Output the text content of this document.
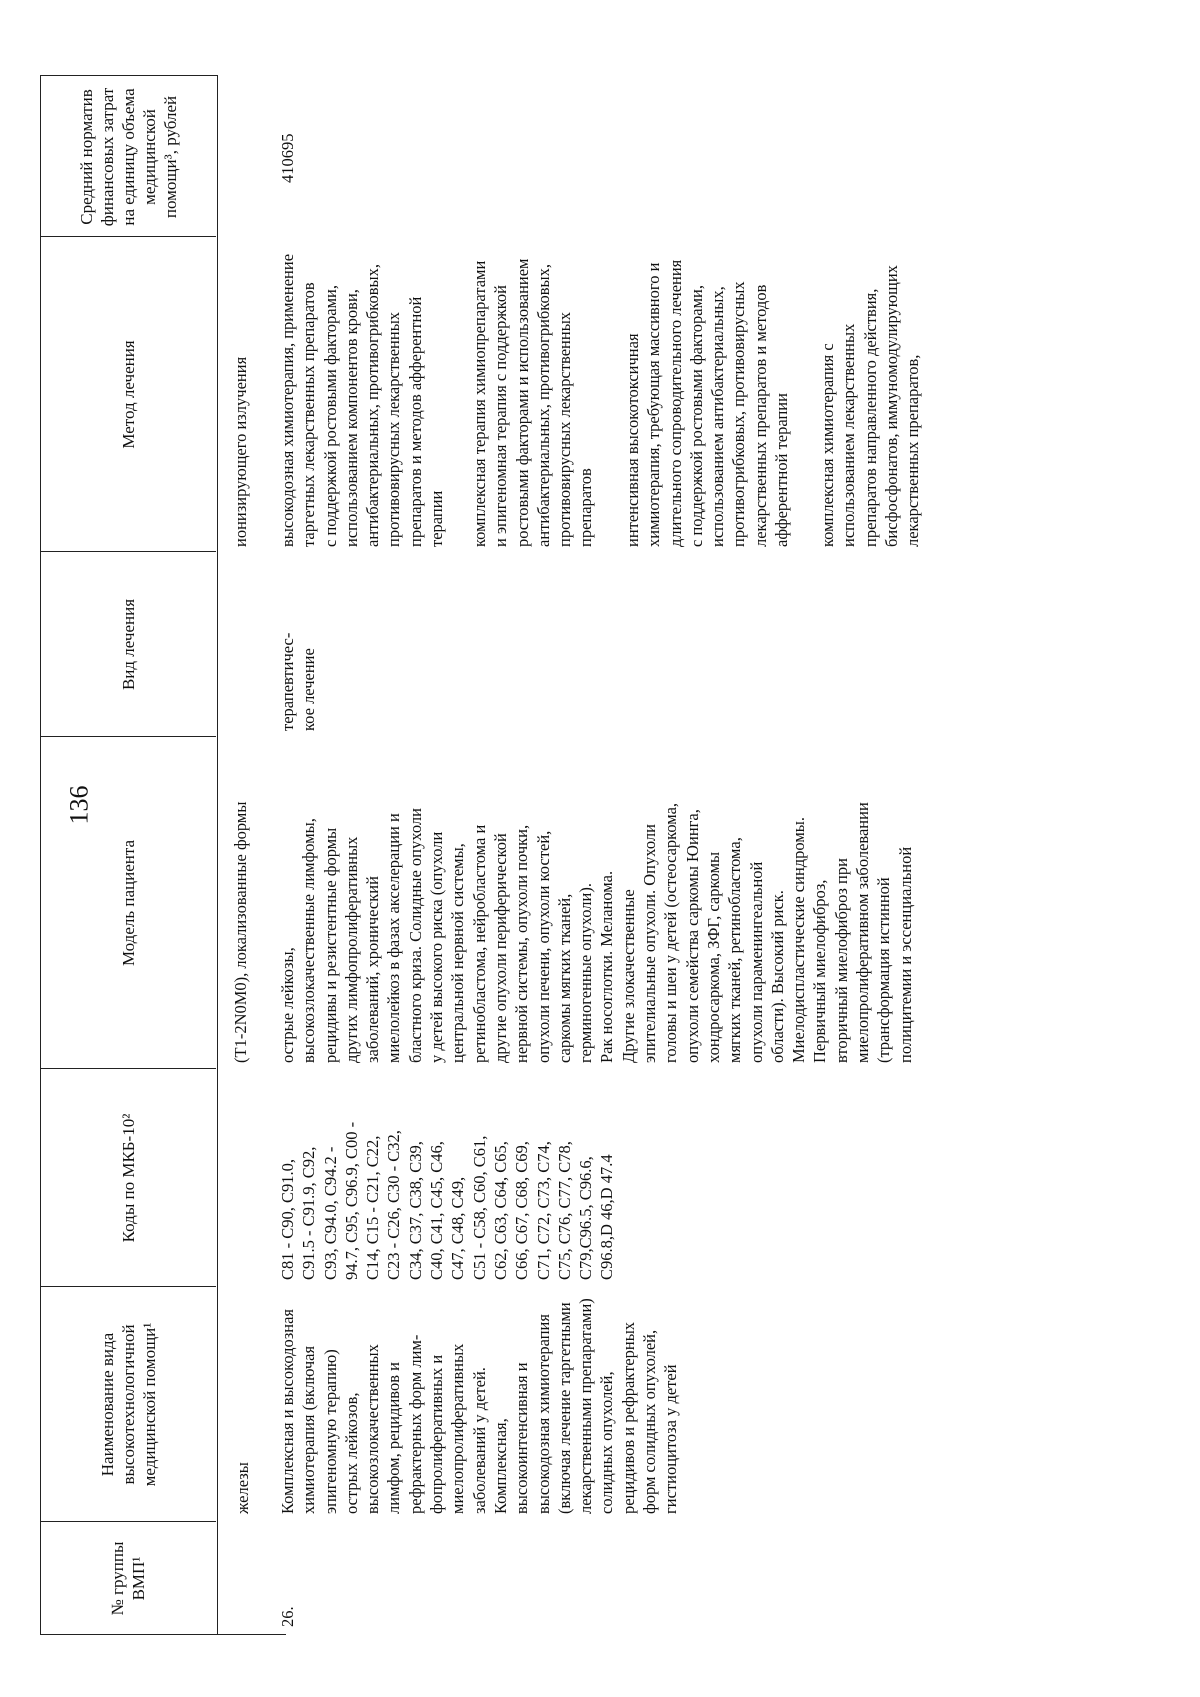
136
№ группы ВМП¹
Наименование вида высокотехнологичной медицинской помощи¹
Коды по МКБ-10²
Модель пациента
Вид лечения
Метод лечения
Средний норматив финансовых затрат на единицу объема медицинской помощи³, рублей
железы
(T1-2N0M0), локализованные формы
ионизирующего излучения
26.
Комплексная и высокодозная
химиотерапия (включая
эпигеномную терапию)
острых лейкозов,
высокозлокачественных
лимфом, рецидивов и
рефрактерных форм лим-
фопролиферативных и
миелопролиферативных
заболеваний у детей.
Комплексная,
высокоинтенсивная и
высокодозная химиотерапия
(включая лечение таргетными
лекарственными препаратами)
солидных опухолей,
рецидивов и рефрактерных
форм солидных опухолей,
гистиоцитоза у детей
C81 - C90, C91.0,
C91.5 - C91.9, C92,
C93, C94.0, C94.2 -
94.7, C95, C96.9, C00 -
C14, C15 - C21, C22,
C23 - C26, C30 - C32,
C34, C37, C38, C39,
C40, C41, C45, C46,
C47, C48, C49,
C51 - C58, C60, C61,
C62, C63, C64, C65,
C66, C67, C68, C69,
C71, C72, C73, C74,
C75, C76, C77, C78,
C79,C96.5, C96.6,
C96.8,D 46,D 47.4
острые лейкозы,
высокозлокачественные лимфомы,
рецидивы и резистентные формы
других лимфопролиферативных
заболеваний, хронический
миелолейкоз в фазах акселерации и
бластного криза. Солидные опухоли
у детей высокого риска (опухоли
центральной нервной системы,
ретинобластома, нейробластома и
другие опухоли периферической
нервной системы, опухоли почки,
опухоли печени, опухоли костей,
саркомы мягких тканей,
герминогенные опухоли).
Рак носоглотки. Меланома.
Другие злокачественные
эпителиальные опухоли. Опухоли
головы и шеи у детей (остеосаркома,
опухоли семейства саркомы Юинга,
хондросаркома, ЗФГ, саркомы
мягких тканей, ретинобластома,
опухоли параменингеальной
области). Высокий риск.
Миелодиспластические синдромы.
Первичный миелофиброз,
вторичный миелофиброз при
миелопролиферативном заболевании
(трансформация истинной
полицитемии и эссенциальной
терапевтичес-
кое лечение
высокодозная химиотерапия, применение
таргетных лекарственных препаратов
с поддержкой ростовыми факторами,
использованием компонентов крови,
антибактериальных, противогрибковых,
противовирусных лекарственных
препаратов и методов афферентной
терапии комплексная терапия химиопрепаратами
и эпигеномная терапия с поддержкой
ростовыми факторами и использованием
антибактериальных, противогрибковых,
противовирусных лекарственных
препаратов интенсивная высокотоксичная
химиотерапия, требующая массивного и
длительного сопроводительного лечения
с поддержкой ростовыми факторами,
использованием антибактериальных,
противогрибковых, противовирусных
лекарственных препаратов и методов
афферентной терапии
комплексная химиотерапия с
использованием лекарственных
препаратов направленного действия,
бисфосфонатов, иммуномодулирующих
лекарственных препаратов,
410695
